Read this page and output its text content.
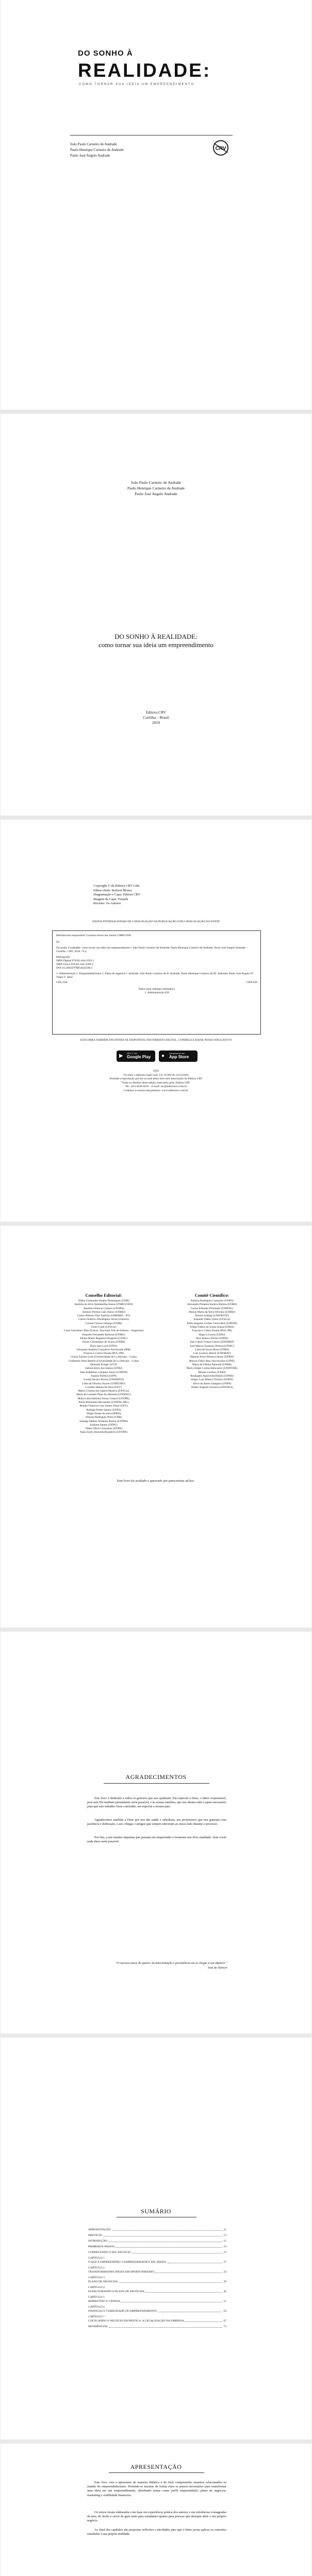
DO SONHO À
REALIDADE:
COMO TORNAR SUA IDEIA UM EMPREENDIMENTO
João Paulo Carneiro de Andrade
Paulo Henrique Carneiro de Andrade
Paulo José Angelo Andrade
CRV
João Paulo Carneiro de Andrade
Paulo Henrique Carneiro de Andrade
Paulo José Angelo Andrade
DO SONHO À REALIDADE:
como tornar sua ideia um empreendimento
Editora CRV
Curitiba – Brasil
2019
Copyright © da Editora CRV Ltda
Editor-chefe: Railson Moura
Diagramação e Capa: Editora CRV
Imagem da Capa: Freepik
Revisão: Os Autores
DADOS INTERNACIONAIS DE CATALOGAÇÃO NA PUBLICAÇÃO (CIP) CATALOGAÇÃO NA FONTE
Bibliotecária responsável: Luzenira Alves dos Santos CRB9/1506
D5
Do sonho à realidade: como tornar sua ideia um empreendimento / João Paulo Carneiro de Andrade, Paulo Henrique Carneiro de Andrade, Paulo José Angelo Andrade – Curitiba : CRV, 2019. 74 p.
Bibliografia
ISBN Digital 978-85-444-3593-1
ISBN Físico 978-85-444-3596-3
DOI 10.24824/978854443596.3
1. Administração 2. Empreendedorismo 3. Plano de negócios I. Andrade, João Paulo Carneiro de II. Andrade, Paulo Henrique Carneiro de III. Andrade, Paulo José Angelo IV. Título V. Série
CDU 658	CDD 658
Índice para catálogo sistemático
1. Administração 658
ESTA OBRA TAMBÉM ENCONTRA-SE DISPONÍVEL EM FORMATO DIGITAL. CONHEÇA E BAIXE NOSSO APLICATIVO!
▶ GET IT ON
Google Play ● Download on the
App Store
2019
Foi feito o depósito legal conf. Lei 10.994 de 14/12/2004
Proibida a reprodução parcial ou total desta obra sem autorização da Editora CRV
Todos os direitos desta edição reservados pela: Editora CRV
Tel.: (41) 3039-6418 – E-mail: sac@editoracrv.com.br
Conheça os nossos lançamentos: www.editoracrv.com.br
Conselho Editorial:
Aldira Guimarães Duarte Domínguez (UNB)
Andréia da Silva Quintanilha Sousa (UNIR/UFRN)
Anselmo Alencar Colares (UFOPA)
Antônio Pereira Gaio Júnior (UFRRJ)
Carlos Alberto Vilar Estêvão (UMINHO – PT)
Carlos Federico Domínguez Avila (Unieuro)
Carmen Tereza Velanga (UNIR)
Celso Conti (UFSCar)
Cesar Gerónimo Tello (Univer. Nacional Três de Febrero – Argentina)
Eduardo Fernandes Barbosa (UFMG)
Elione Maria Nogueira Diogenes (UFAL)
Elizeu Clementino de Souza (UNEB)
Élsio José Corá (UFFS)
Fernando Antônio Gonçalves Alcoforado (IPB)
Francisco Carlos Duarte (PUC-PR)
Gloria Fariñas León (Universidade de La Havana – Cuba)
Guillermo Arias Beatón (Universidade de La Havana – Cuba)
Helmuth Krüger (UCP)
Jailson Alves dos Santos (UFRJ)
João Adalberto Campato Junior (UNESP)
Josania Portela (UFPI)
Leonel Severo Rocha (UNISINOS)
Lídia de Oliveira Xavier (UNIEURO)
Lourdes Helena da Silva (UFV)
Maria Cristina dos Santos Bezerra (UFSCar)
Maria de Lourdes Pinto de Almeida (UNOESC)
Maria Lília Imbiriba Sousa Colares (UFOPA)
Paulo Romualdo Hernandes (UNIFAL-MG)
Renato Francisco dos Santos Paula (UFG)
Rodrigo Pratte-Santos (UFES)
Sérgio Nunes de Jesus (IFRO)
Simone Rodrigues Pinto (UNB)
Solange Helena Ximenes-Rocha (UFOPA)
Sydione Santos (UEPG)
Tadeu Oliver Gonçalves (UFPA)
Tania Suely Azevedo Brasileiro (UFOPA)
Comitê Científico:
Adilson Rodrigues Camacho (UFRN)
Alexandre Pimenta Saraiva Batista (UFMS)
Carlos Eduardo Pizzolatto (UNIFAL)
Denise Maria da Silva Oliveira (UFRRJ)
Dinorá Schlögl (UNIOESTE)
Eduardo Tadeu Vieira (UFSCar)
Fábio Augusto Gomes Vieira Reis (UNESP)
Felipe Fidelis de Souza Sousa (UFRA)
Francisco Carlos Duarte (PUC-PR)
Hugo Lovisolo (UERJ)
Jairo Ramos Ferrão (UFRN)
José Carlos Freitas Lemos (UNEMAT)
José Márcio Tassinari Pereira (UFMG)
Liana de Souza Rosa (UFRN)
Luís Gustavo Hertal (UNEMAT)
Manoel Alves Bezerra Júnior (UFRN)
Marcos Fábio Reis Vasconcelos (UFPE)
Maria de Fátima Almeida (UNEB)
Mario Sergio Cunha Alencastro (UNINTER)
Renato Cardoso (UERJ)
Rosângela Aparecida Hilário (UFMS)
Sérgio Luiz Ribeiro Tenório (UFRN)
Silvio de Abreu Sampaio (UFRN)
Walter Augusto Teixeira (UNIVALI)
Este livro foi avaliado e aprovado por pareceristas ad hoc.
AGRADECIMENTOS
Este livro é dedicado a todos os gestores que nos ajudaram. Em especial a Deus, o único responsável, pois sem Ele nenhum pensamento seria possível, e às nossas famílias, que nos deram todo o apoio necessário para que este trabalho fosse concluído, em especial a nossos pais.
Agradecemos também a Deus por nos dar saúde e sabedoria, aos professores que nos guiaram com paciência e dedicação, e aos colegas e amigos que sempre estiveram ao nosso lado durante o processo.
Por fim, a sete mentes inquietas que pensam em empreender e tornaram este livro realidade. Sem vocês nada disso seria possível.
“O sucesso nasce do querer, da determinação e persistência em se chegar a um objetivo.”
José de Alencar
SUMÁRIO
APRESENTAÇÃO	11
PREFÁCIO	13
INTRODUÇÃO	15
PRIMEIROS PASSOS	19
CONHECENDO O SEU NEGÓCIO	23
CAPÍTULO 1
O QUE É EMPREENDER? O EMPREENDEDOR E SEU PERFIL	27
CAPÍTULO 2
TRANSFORMANDO IDEIAS EM OPORTUNIDADES	33
CAPÍTULO 3
PLANO DE NEGÓCIOS	39
CAPÍTULO 4
ESTRUTURANDO O PLANO DE NEGÓCIOS	45
CAPÍTULO 5
MARKETING E VENDAS	51
CAPÍTULO 6
FINANÇAS E VIABILIDADE DO EMPREENDIMENTO	59
CAPÍTULO 7
COLOCANDO O NEGÓCIO EM PRÁTICA: A LEGALIZAÇÃO DA EMPRESA	67
REFERÊNCIAS	73
APRESENTAÇÃO
Este livro visa a apresentar de maneira didática e de fácil compreensão assuntos relacionados ao mundo do empreendedorismo. Pretende-se mostrar de forma clara os passos necessários para transformar uma ideia em um empreendimento, abordando temas como perfil empreendedor, plano de negócios, marketing e viabilidade financeira.
Os textos foram elaborados com base em experiência prática dos autores e em referências consagradas da área, de modo a servir de guia tanto para estudantes quanto para pessoas que desejam abrir o seu próprio negócio.
Ao final dos capítulos são propostas reflexões e atividades para que o leitor possa aplicar os conceitos estudados à sua própria realidade.
